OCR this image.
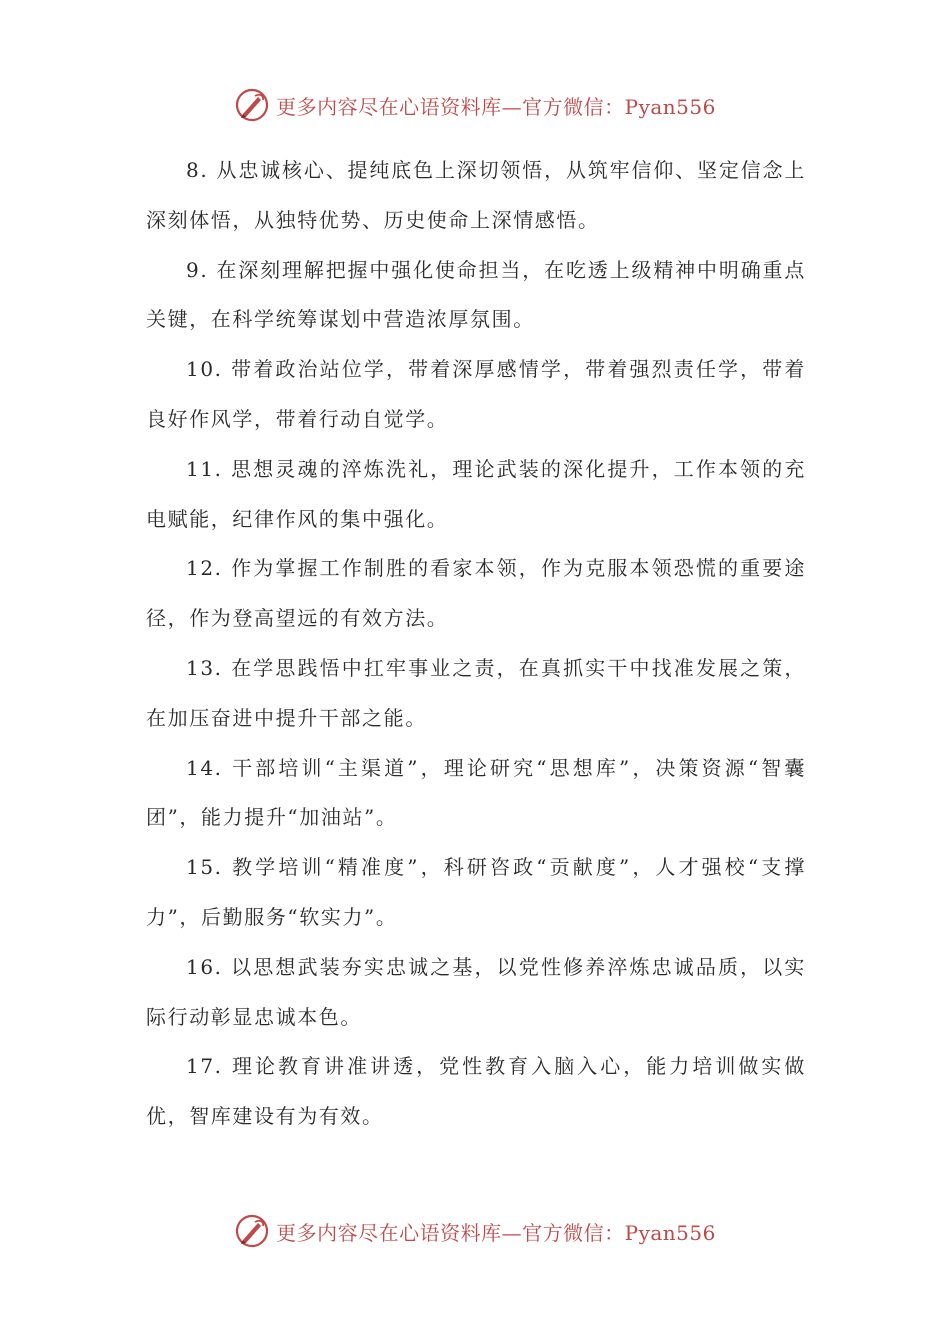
更多内容尽在心语资料库—官方微信：Pyan556

8. 从忠诚核心、提纯底色上深切领悟，从筑牢信仰、坚定信念上深刻体悟，从独特优势、历史使命上深情感悟。

9. 在深刻理解把握中强化使命担当，在吃透上级精神中明确重点关键，在科学统筹谋划中营造浓厚氛围。

10. 带着政治站位学，带着深厚感情学，带着强烈责任学，带着良好作风学，带着行动自觉学。

11. 思想灵魂的淬炼洗礼，理论武装的深化提升，工作本领的充电赋能，纪律作风的集中强化。

12. 作为掌握工作制胜的看家本领，作为克服本领恐慌的重要途径，作为登高望远的有效方法。

13. 在学思践悟中扛牢事业之责，在真抓实干中找准发展之策，在加压奋进中提升干部之能。

14. 干部培训“主渠道”，理论研究“思想库”，决策资源“智囊团”，能力提升“加油站”。

15. 教学培训“精准度”，科研咨政“贡献度”，人才强校“支撑力”，后勤服务“软实力”。

16. 以思想武装夯实忠诚之基，以党性修养淬炼忠诚品质，以实际行动彰显忠诚本色。

17. 理论教育讲准讲透，党性教育入脑入心，能力培训做实做优，智库建设有为有效。

更多内容尽在心语资料库—官方微信：Pyan556
